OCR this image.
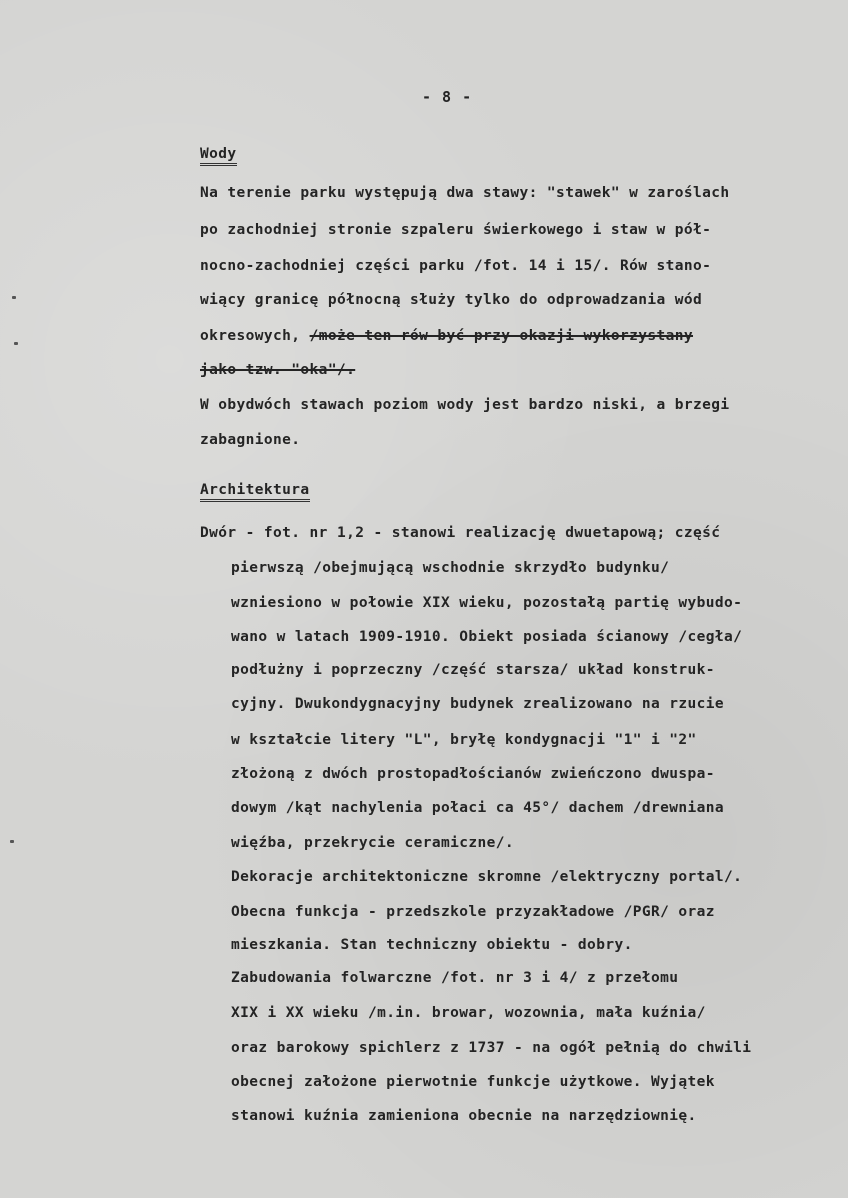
- 8 -
Wody
Na terenie parku występują dwa stawy: "stawek" w zaroślach
po zachodniej stronie szpaleru świerkowego i staw w pół-
nocno-zachodniej części parku /fot. 14 i 15/. Rów stano-
wiący granicę północną służy tylko do odprowadzania wód
okresowych, /może ten rów być przy okazji wykorzystany
jako tzw. "oka"/.
W obydwóch stawach poziom wody jest bardzo niski, a brzegi
zabagnione.
Architektura
Dwór - fot. nr 1,2 - stanowi realizację dwuetapową; część
pierwszą /obejmującą wschodnie skrzydło budynku/
wzniesiono w połowie XIX wieku, pozostałą partię wybudo-
wano w latach 1909-1910. Obiekt posiada ścianowy /cegła/
podłużny i poprzeczny /część starsza/ układ konstruk-
cyjny. Dwukondygnacyjny budynek zrealizowano na rzucie
w kształcie litery "L", bryłę kondygnacji "1" i "2"
złożoną z dwóch prostopadłościanów zwieńczono dwuspa-
dowym /kąt nachylenia połaci ca 45°/ dachem /drewniana
więźba, przekrycie ceramiczne/.
Dekoracje architektoniczne skromne /elektryczny portal/.
Obecna funkcja - przedszkole przyzakładowe /PGR/ oraz
mieszkania. Stan techniczny obiektu - dobry.
Zabudowania folwarczne /fot. nr 3 i 4/ z przełomu
XIX i XX wieku /m.in. browar, wozownia, mała kuźnia/
oraz barokowy spichlerz z 1737 - na ogół pełnią do chwili
obecnej założone pierwotnie funkcje użytkowe. Wyjątek
stanowi kuźnia zamieniona obecnie na narzędziownię.
